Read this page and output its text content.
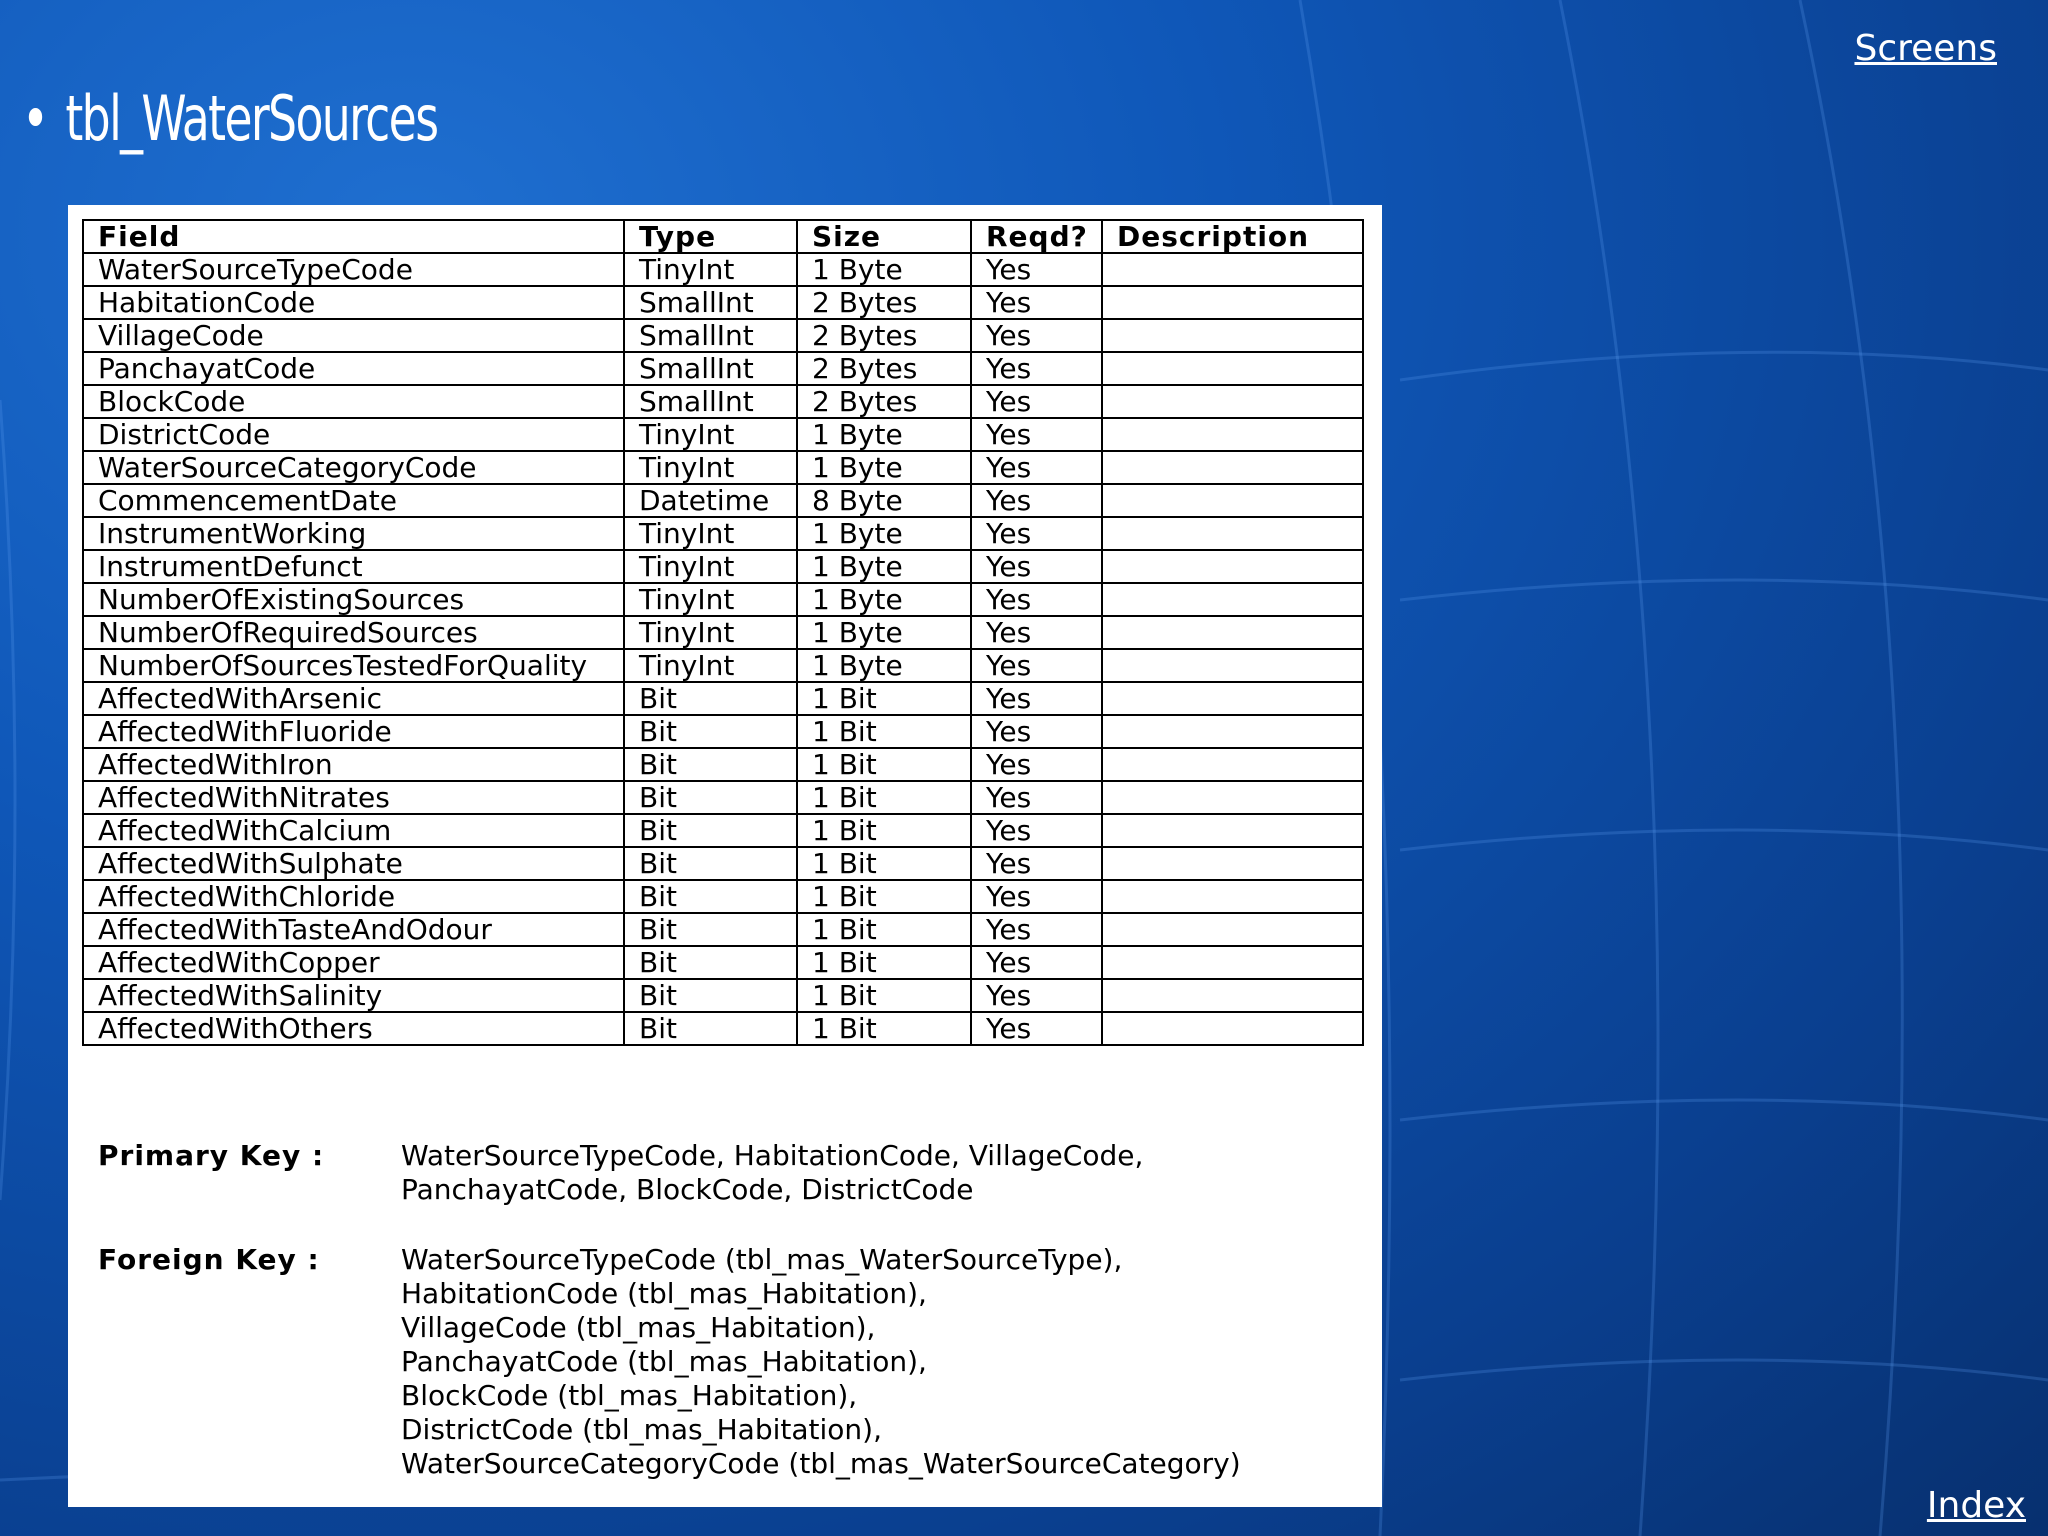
Screens
• tbl_WaterSources
Field	Type	Size	Reqd?	Description
WaterSourceTypeCode	TinyInt	1 Byte	Yes	
HabitationCode	SmallInt	2 Bytes	Yes	
VillageCode	SmallInt	2 Bytes	Yes	
PanchayatCode	SmallInt	2 Bytes	Yes	
BlockCode	SmallInt	2 Bytes	Yes	
DistrictCode	TinyInt	1 Byte	Yes	
WaterSourceCategoryCode	TinyInt	1 Byte	Yes	
CommencementDate	Datetime	8 Byte	Yes	
InstrumentWorking	TinyInt	1 Byte	Yes	
InstrumentDefunct	TinyInt	1 Byte	Yes	
NumberOfExistingSources	TinyInt	1 Byte	Yes	
NumberOfRequiredSources	TinyInt	1 Byte	Yes	
NumberOfSourcesTestedForQuality	TinyInt	1 Byte	Yes	
AffectedWithArsenic	Bit	1 Bit	Yes	
AffectedWithFluoride	Bit	1 Bit	Yes	
AffectedWithIron	Bit	1 Bit	Yes	
AffectedWithNitrates	Bit	1 Bit	Yes	
AffectedWithCalcium	Bit	1 Bit	Yes	
AffectedWithSulphate	Bit	1 Bit	Yes	
AffectedWithChloride	Bit	1 Bit	Yes	
AffectedWithTasteAndOdour	Bit	1 Bit	Yes	
AffectedWithCopper	Bit	1 Bit	Yes	
AffectedWithSalinity	Bit	1 Bit	Yes	
AffectedWithOthers	Bit	1 Bit	Yes	
Primary Key :	WaterSourceTypeCode, HabitationCode, VillageCode,
PanchayatCode, BlockCode, DistrictCode
Foreign Key :	WaterSourceTypeCode (tbl_mas_WaterSourceType),
HabitationCode (tbl_mas_Habitation),
VillageCode (tbl_mas_Habitation),
PanchayatCode (tbl_mas_Habitation),
BlockCode (tbl_mas_Habitation),
DistrictCode (tbl_mas_Habitation),
WaterSourceCategoryCode (tbl_mas_WaterSourceCategory)
Index
